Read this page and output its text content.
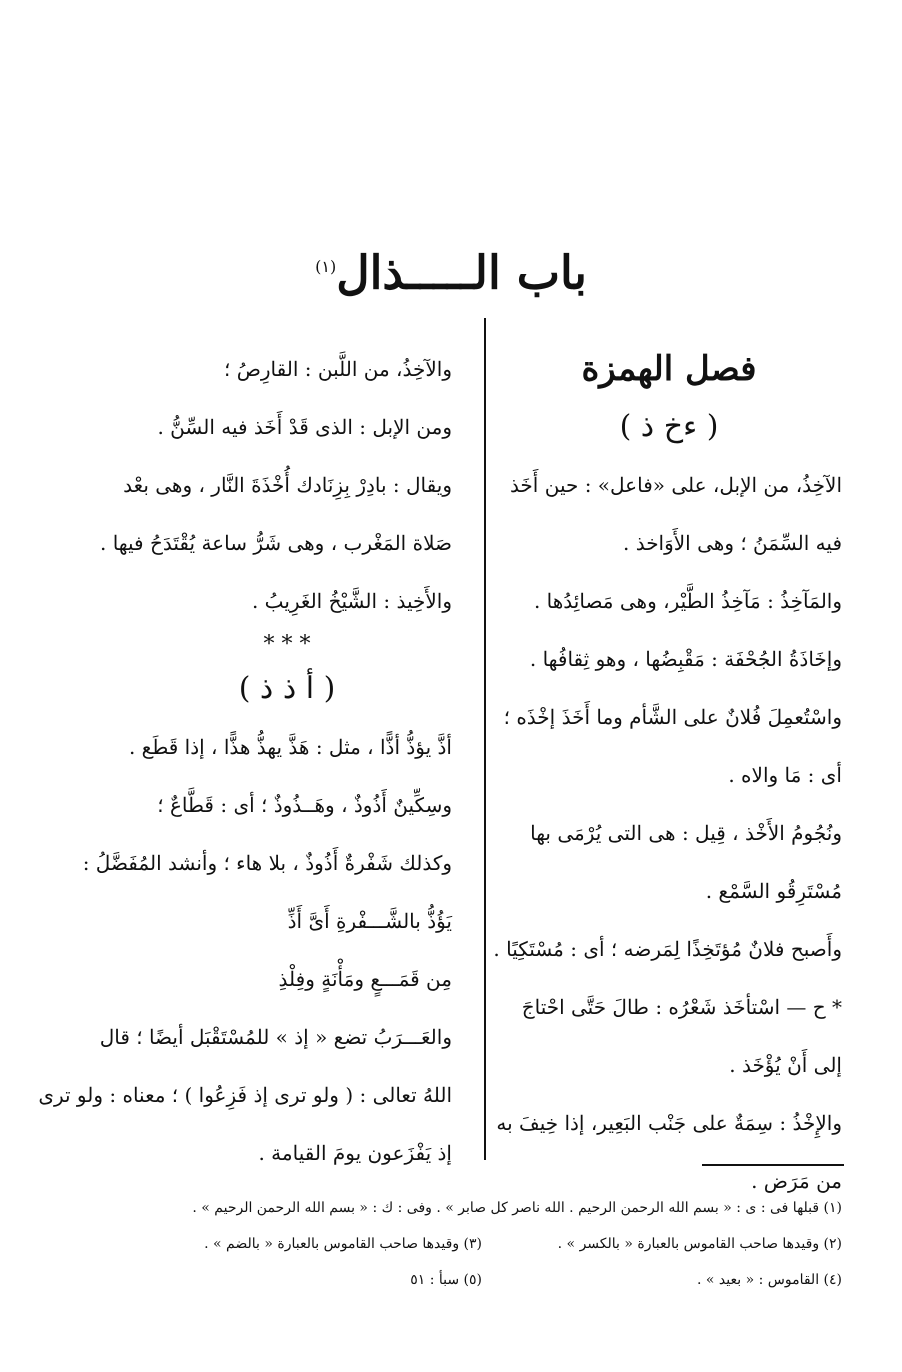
باب الـــــذال$^{(١)}$
فصل الهمزة
( ءخ ذ )
الآخِذُ، من الإبل، على «فاعل» : حين أَخَذ
فيه السِّمَنُ ؛ وهى الأَوَاخذ .
والمَآخِذُ : مَآخِذُ الطَّيْر، وهى مَصائِدُها .
وإخَاذَةُ الجُحْفَة : مَقْبِضُها ، وهو ثِقافُها .
واسْتُعمِلَ فُلانٌ على الشَّأم وما أَخَذَ إخْذَه ؛
أى : مَا والاه .
ونُجُومُ الأَخْذ ، قِيل : هى التى يُرْمَى بها
مُسْتَرِقُو السَّمْع .
وأَصبح فلانٌ مُؤتَخِذًا لِمَرضه ؛ أى : مُسْتَكِيًا .
* ح — اسْتأخَذ شَعْرُه : طالَ حَتَّى احْتاجَ
إلى أَنْ يُؤْخَذ .
والإِخْذُ : سِمَةٌ على جَنْب البَعِير، إذا خِيفَ به
من مَرَض .
والآخِذُ، من اللَّبن : القارِصُ ؛
ومن الإبل : الذى قَدْ أَخَذ فيه السِّنُّ .
ويقال : بادِرْ بِزِنَادك أُخْذَةَ النَّار ، وهى بعْد
صَلاة المَغْرب ، وهى شَرُّ ساعة يُقْتَدَحُ فيها .
والأَخِيذ : الشَّيْخُ الغَرِيبُ .
* * *
( أ ذ ذ )
أذَّ يؤذُّ أذًّا ، مثل : هَذَّ يهذُّ هذًّا ، إذا قَطَع .
وسِكِّينٌ أَذُوذٌ ، وهَــذُوذٌ ؛ أى : قَطَّاعٌ ؛
وكذلك شَفْرةٌ أَذُوذٌ ، بلا هاء ؛ وأنشد المُفَضَّلُ :
يَؤُذُّ بالشَّـــفْرةِ أَىَّ أَذِّ
مِن قَمَـــعٍ ومَأْنَةٍ وفِلْذِ
والعَـــرَبُ تضع « إذ » للمُسْتَقْبَل أيضًا ؛ قال
اللهُ تعالى : ( ولو ترى إذ فَزِعُوا ) ؛ معناه : ولو ترى
إذ يَفْزَعون يومَ القيامة .
(١) قبلها فى : ى : « بسم الله الرحمن الرحيم . الله ناصر كل صابر » . وفى : ك : « بسم الله الرحمن الرحيم » .
(٢) وقيدها صاحب القاموس بالعبارة « بالكسر » .
(٣) وقيدها صاحب القاموس بالعبارة « بالضم » .
(٤) القاموس : « بعيد » .
(٥) سبأ : ٥١
